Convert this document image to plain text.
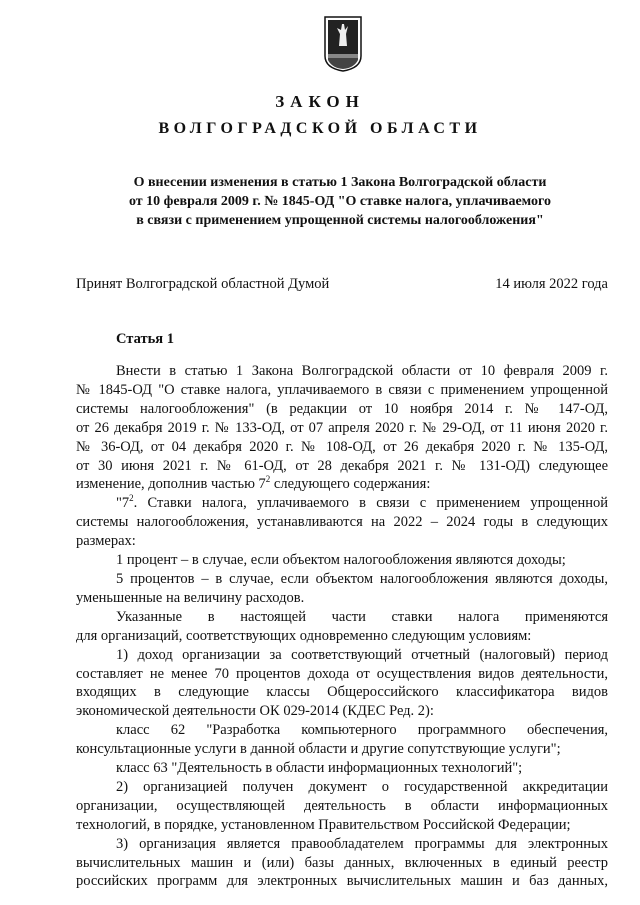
ЗАКОН
ВОЛГОГРАДСКОЙ ОБЛАСТИ
О внесении изменения в статью 1 Закона Волгоградской области
от 10 февраля 2009 г. № 1845-ОД "О ставке налога, уплачиваемого
в связи с применением упрощенной системы налогообложения"
Принят Волгоградской областной Думой	14 июля 2022 года
Статья 1

Внести в статью 1 Закона Волгоградской области от 10 февраля 2009 г.

№ 1845-ОД "О ставке налога, уплачиваемого в связи с применением упрощенной

системы налогообложения" (в редакции от 10 ноября 2014 г. № 147-ОД,

от 26 декабря 2019 г. № 133-ОД, от 07 апреля 2020 г. № 29-ОД, от 11 июня 2020 г.

№ 36-ОД, от 04 декабря 2020 г. № 108-ОД, от 26 декабря 2020 г. № 135-ОД,

от 30 июня 2021 г. № 61-ОД, от 28 декабря 2021 г. № 131-ОД) следующее

изменение, дополнив частью $7^2$ следующего содержания:

"$7^2$. Ставки налога, уплачиваемого в связи с применением упрощенной

системы налогообложения, устанавливаются на 2022 – 2024 годы в следующих

размерах:

1 процент – в случае, если объектом налогообложения являются доходы;

5 процентов – в случае, если объектом налогообложения являются доходы,

уменьшенные на величину расходов.

Указанные в настоящей части ставки налога применяются

для организаций, соответствующих одновременно следующим условиям:

1) доход организации за соответствующий отчетный (налоговый) период

составляет не менее 70 процентов дохода от осуществления видов деятельности,

входящих в следующие классы Общероссийского классификатора видов

экономической деятельности ОК 029-2014 (КДЕС Ред. 2):

класс 62 "Разработка компьютерного программного обеспечения,

консультационные услуги в данной области и другие сопутствующие услуги";

класс 63 "Деятельность в области информационных технологий";

2) организацией получен документ о государственной аккредитации

организации, осуществляющей деятельность в области информационных

технологий, в порядке, установленном Правительством Российской Федерации;

3) организация является правообладателем программы для электронных

вычислительных машин и (или) базы данных, включенных в единый реестр

российских программ для электронных вычислительных машин и баз данных,
